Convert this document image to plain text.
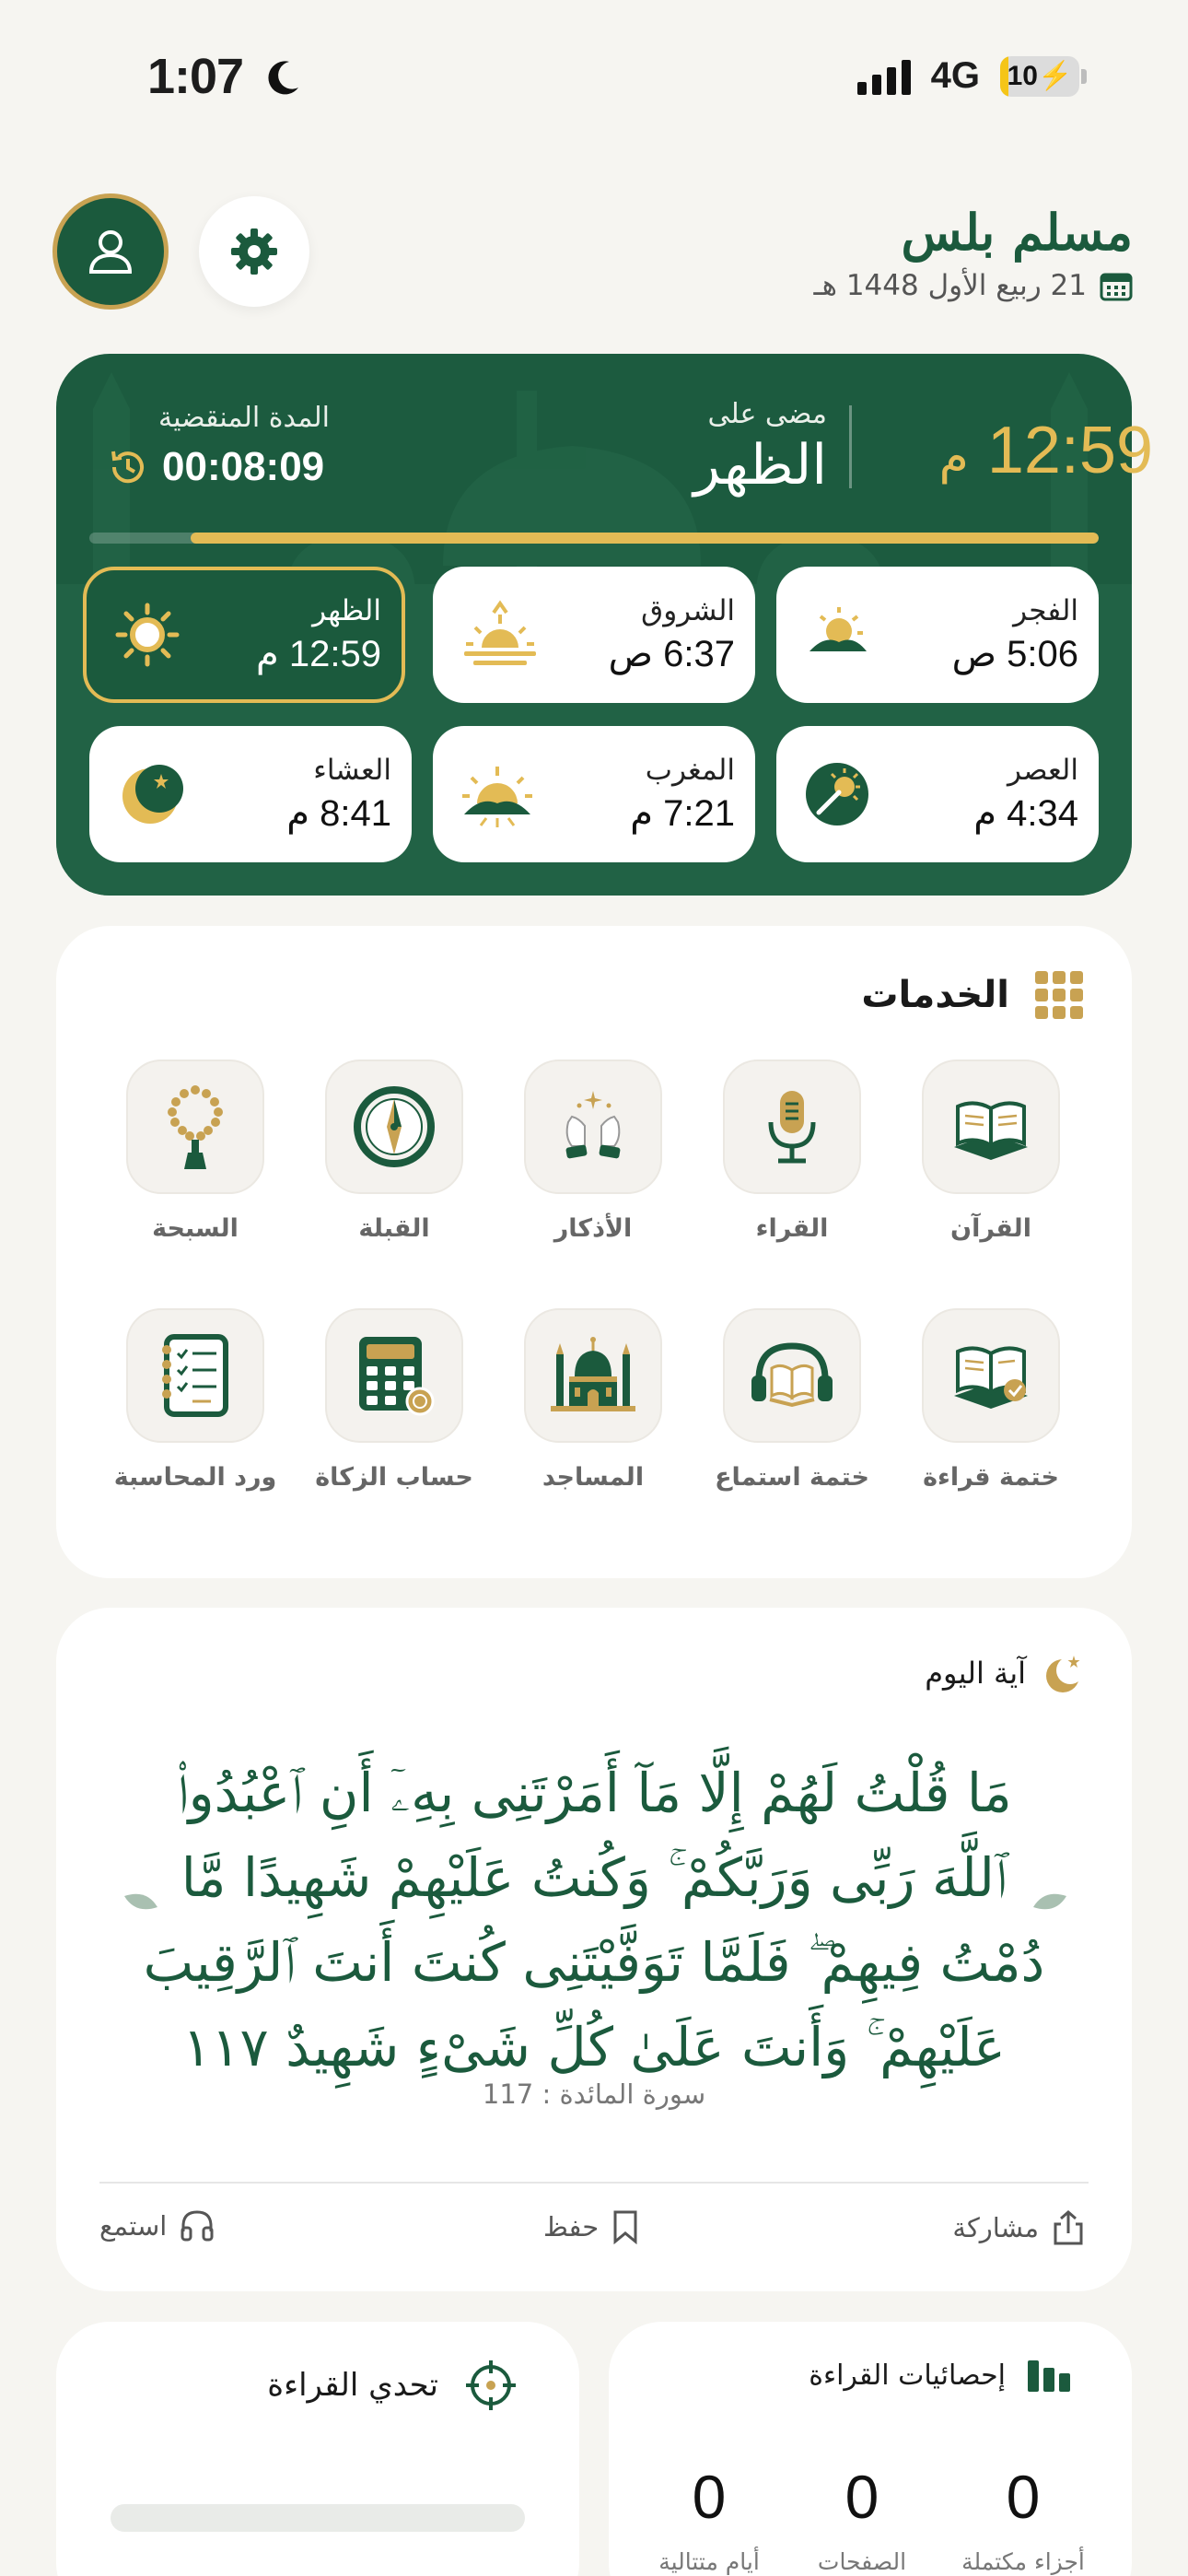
1:07	4G 10⚡
مسلم بلس
21 ربيع الأول 1448 هـ
12:59
م
مضى على
الظهر
المدة المنقضية
00:08:09
الفجر
5:06 ص
الشروق
6:37 ص
الظهر
12:59 م
العصر
4:34 م
المغرب
7:21 م
العشاء
8:41 م
الخدمات
القرآن
القراء
الأذكار
القبلة
السبحة
ختمة قراءة
ختمة استماع
المساجد
حساب الزكاة
ورد المحاسبة
آية اليوم
مَا قُلْتُ لَهُمْ إِلَّا مَآ أَمَرْتَنِى بِهِۦٓ أَنِ ٱعْبُدُوا۟ ٱللَّهَ رَبِّى وَرَبَّكُمْ ۚ وَكُنتُ عَلَيْهِمْ شَهِيدًا مَّا دُمْتُ فِيهِمْ ۖ فَلَمَّا تَوَفَّيْتَنِى كُنتَ أَنتَ ٱلرَّقِيبَ عَلَيْهِمْ ۚ وَأَنتَ عَلَىٰ كُلِّ شَىْءٍ شَهِيدٌ ١١٧
سورة المائدة : 117
مشاركة
حفظ
استمع
إحصائيات القراءة
0
أجزاء مكتملة
0
الصفحات
0
أيام متتالية
تحدي القراءة
